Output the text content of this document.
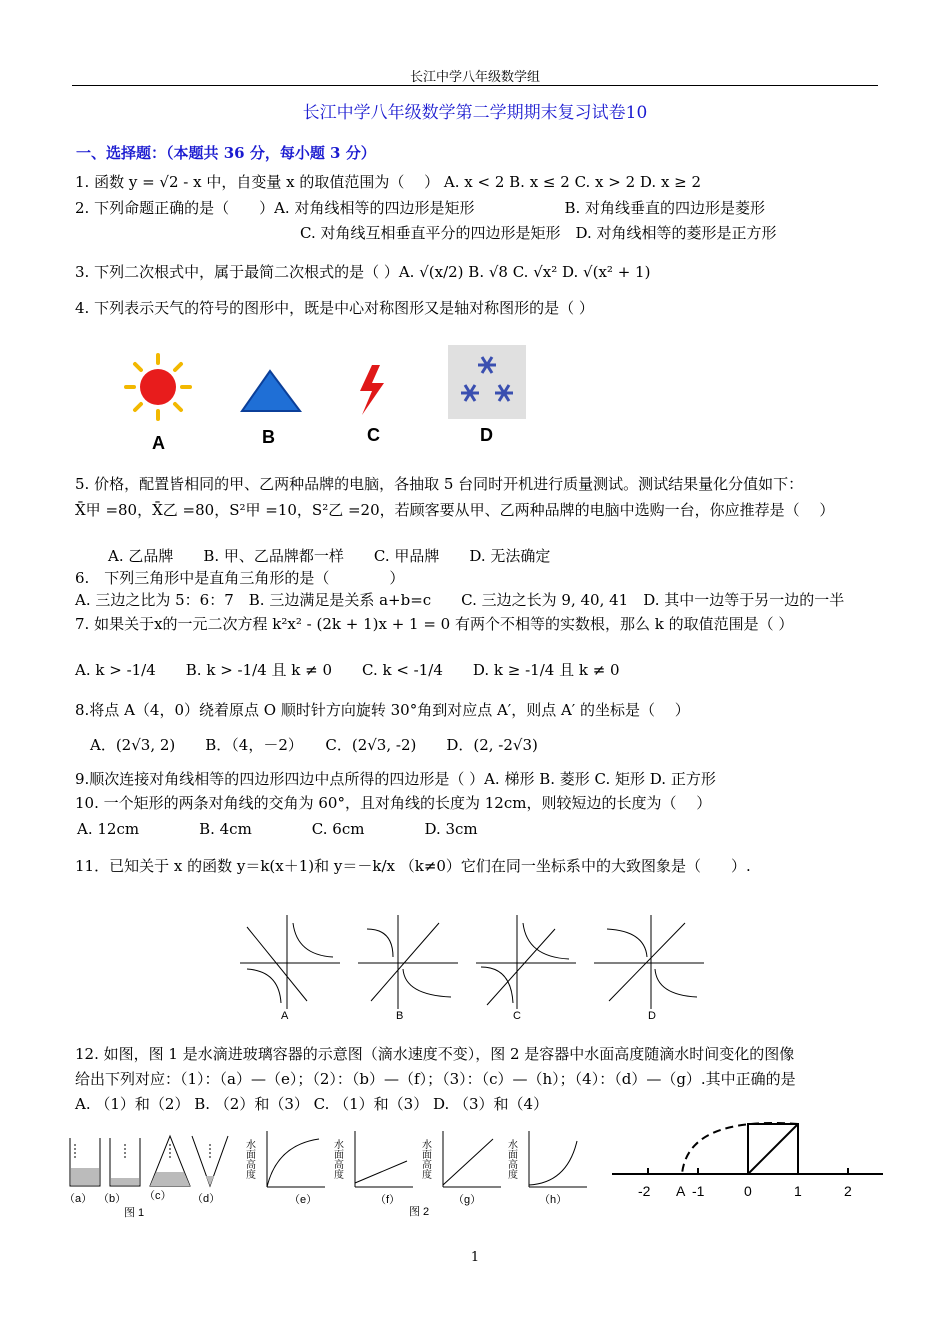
长江中学八年级数学组
长江中学八年级数学第二学期期末复习试卷10
一、选择题：（本题共 36 分，每小题 3 分）
1. 函数 y = √2 - x 中，自变量 x 的取值范围为（　 ） A. x < 2 B. x ≤ 2 C. x > 2 D. x ≥ 2
2. 下列命题正确的是（　　）A. 对角线相等的四边形是矩形　　　　　　B. 对角线垂直的四边形是菱形
C. 对角线互相垂直平分的四边形是矩形　D. 对角线相等的菱形是正方形
3. 下列二次根式中，属于最简二次根式的是（ ）A. √(x/2) B. √8 C. √x² D. √(x² + 1)
4. 下列表示天气的符号的图形中，既是中心对称图形又是轴对称图形的是（ ）
5. 价格，配置皆相同的甲、乙两种品牌的电脑，各抽取 5 台同时开机进行质量测试。测试结果量化分值如下：
X̄甲 =80，X̄乙 =80，S²甲 =10，S²乙 =20，若顾客要从甲、乙两种品牌的电脑中选购一台，你应推荐是（　 ）
A. 乙品牌　　B. 甲、乙品牌都一样　　C. 甲品牌　　D. 无法确定
6.　下列三角形中是直角三角形的是（　　　　）
A. 三边之比为 5：6：7　B. 三边满足是关系 a+b=c　　C. 三边之长为 9, 40, 41　D. 其中一边等于另一边的一半
7. 如果关于x的一元二次方程 k²x² - (2k + 1)x + 1 = 0 有两个不相等的实数根，那么 k 的取值范围是（ ）
A. k > -1/4　　B. k > -1/4 且 k ≠ 0　　C. k < -1/4　　D. k ≥ -1/4 且 k ≠ 0
8.将点 A（4，0）绕着原点 O 顺时针方向旋转 30°角到对应点 A′，则点 A′ 的坐标是（　 ）
A．(2√3, 2)　　B．（4，－2）　　C．(2√3, -2)　　D．(2, -2√3)
9.顺次连接对角线相等的四边形四边中点所得的四边形是（ ）A. 梯形 B. 菱形 C. 矩形 D. 正方形
10. 一个矩形的两条对角线的交角为 60°，且对角线的长度为 12cm，则较短边的长度为（　 ）
A. 12cm　　　　B. 4cm　　　　C. 6cm　　　　D. 3cm
11．已知关于 x 的函数 y＝k(x＋1)和 y＝－k/x （k≠0）它们在同一坐标系中的大致图象是（　　）.
12. 如图，图 1 是水滴进玻璃容器的示意图（滴水速度不变），图 2 是容器中水面高度随滴水时间变化的图像
给出下列对应：（1）：（a）—（e）；（2）：（b）—（f）；（3）：（c）—（h）；（4）：（d）—（g）.其中正确的是
A. （1）和（2） B. （2）和（3） C. （1）和（3） D. （3）和（4）
A	B	C	D
A	B	C	D
（a） （b） （c） （d）
图 1
水面高度	水面高度	水面高度	水面高度
（e）	（f）	（g）	（h）
图 2
-2 A -1	0	1	2
1
